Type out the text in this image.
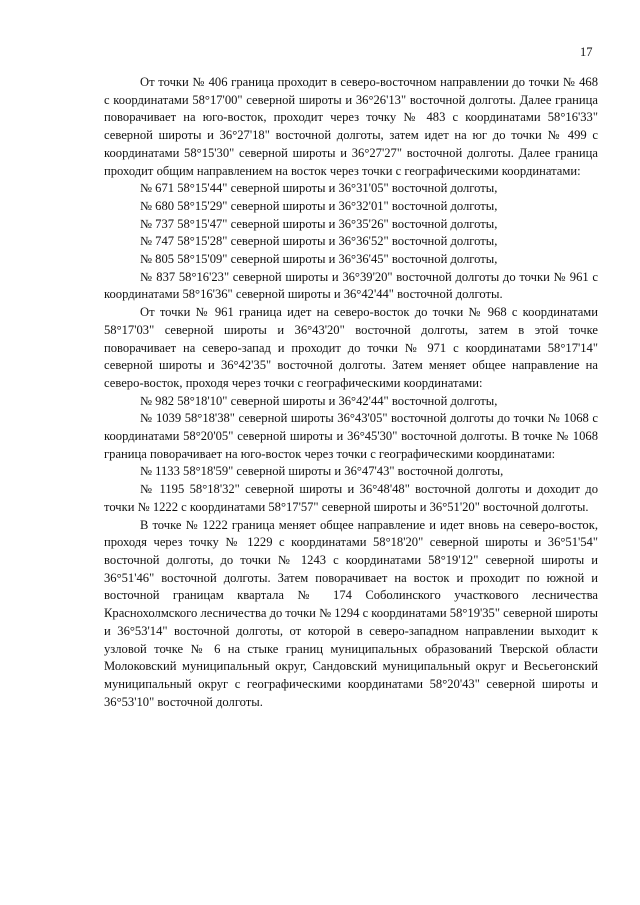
17

От точки № 406 граница проходит в северо-восточном направлении до точки № 468 с координатами 58°17'00" северной широты и 36°26'13" восточной долготы. Далее граница поворачивает на юго-восток, проходит через точку № 483 с координатами 58°16'33" северной широты и 36°27'18" восточной долготы, затем идет на юг до точки № 499 с координатами 58°15'30" северной широты и 36°27'27" восточной долготы. Далее граница проходит общим направлением на восток через точки с географическими координатами:

№ 671 58°15'44" северной широты и 36°31'05" восточной долготы,

№ 680 58°15'29" северной широты и 36°32'01" восточной долготы,

№ 737 58°15'47" северной широты и 36°35'26" восточной долготы,

№ 747 58°15'28" северной широты и 36°36'52" восточной долготы,

№ 805 58°15'09" северной широты и 36°36'45" восточной долготы,

№ 837 58°16'23" северной широты и 36°39'20" восточной долготы до точки № 961 с координатами 58°16'36" северной широты и 36°42'44" восточной долготы.

От точки № 961 граница идет на северо-восток до точки № 968 с координатами 58°17'03" северной широты и 36°43'20" восточной долготы, затем в этой точке поворачивает на северо-запад и проходит до точки № 971 с координатами 58°17'14" северной широты и 36°42'35" восточной долготы. Затем меняет общее направление на северо-восток, проходя через точки с географическими координатами:

№ 982 58°18'10" северной широты и 36°42'44" восточной долготы,

№ 1039 58°18'38" северной широты 36°43'05" восточной долготы до точки № 1068 с координатами 58°20'05" северной широты и 36°45'30" восточной долготы. В точке № 1068 граница поворачивает на юго-восток через точки с географическими координатами:

№ 1133 58°18'59" северной широты и 36°47'43" восточной долготы,

№ 1195 58°18'32" северной широты и 36°48'48" восточной долготы и доходит до точки № 1222 с координатами 58°17'57" северной широты и 36°51'20" восточной долготы.

В точке № 1222 граница меняет общее направление и идет вновь на северо-восток, проходя через точку № 1229 с координатами 58°18'20" северной широты и 36°51'54" восточной долготы, до точки № 1243 с координатами 58°19'12" северной широты и 36°51'46" восточной долготы. Затем поворачивает на восток и проходит по южной и восточной границам квартала № 174 Соболинского участкового лесничества Краснохолмского лесничества до точки № 1294 с координатами 58°19'35" северной широты и 36°53'14" восточной долготы, от которой в северо-западном направлении выходит к узловой точке № 6 на стыке границ муниципальных образований Тверской области Молоковский муниципальный округ, Сандовский муниципальный округ и Весьегонский муниципальный округ с географическими координатами 58°20'43" северной широты и 36°53'10" восточной долготы.
